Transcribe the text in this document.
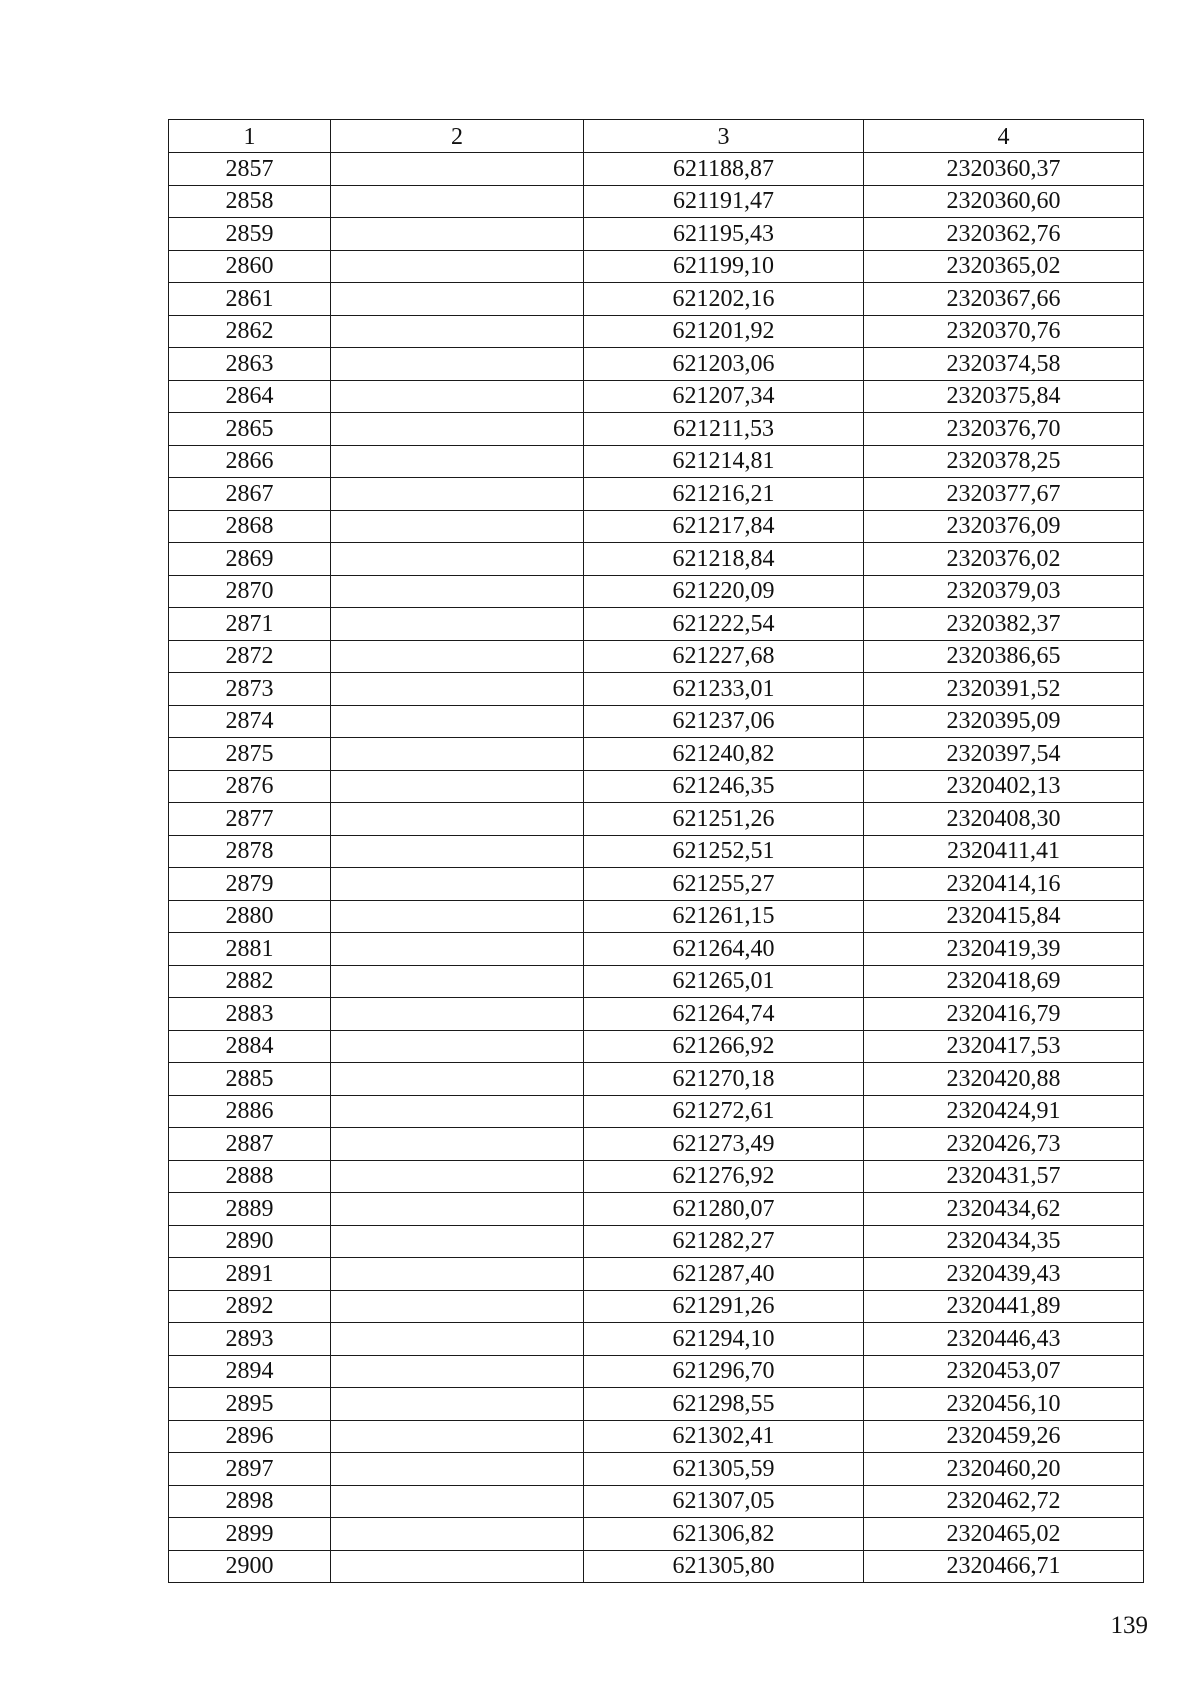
1	2	3	4
2857		621188,87	2320360,37
2858		621191,47	2320360,60
2859		621195,43	2320362,76
2860		621199,10	2320365,02
2861		621202,16	2320367,66
2862		621201,92	2320370,76
2863		621203,06	2320374,58
2864		621207,34	2320375,84
2865		621211,53	2320376,70
2866		621214,81	2320378,25
2867		621216,21	2320377,67
2868		621217,84	2320376,09
2869		621218,84	2320376,02
2870		621220,09	2320379,03
2871		621222,54	2320382,37
2872		621227,68	2320386,65
2873		621233,01	2320391,52
2874		621237,06	2320395,09
2875		621240,82	2320397,54
2876		621246,35	2320402,13
2877		621251,26	2320408,30
2878		621252,51	2320411,41
2879		621255,27	2320414,16
2880		621261,15	2320415,84
2881		621264,40	2320419,39
2882		621265,01	2320418,69
2883		621264,74	2320416,79
2884		621266,92	2320417,53
2885		621270,18	2320420,88
2886		621272,61	2320424,91
2887		621273,49	2320426,73
2888		621276,92	2320431,57
2889		621280,07	2320434,62
2890		621282,27	2320434,35
2891		621287,40	2320439,43
2892		621291,26	2320441,89
2893		621294,10	2320446,43
2894		621296,70	2320453,07
2895		621298,55	2320456,10
2896		621302,41	2320459,26
2897		621305,59	2320460,20
2898		621307,05	2320462,72
2899		621306,82	2320465,02
2900		621305,80	2320466,71
139
